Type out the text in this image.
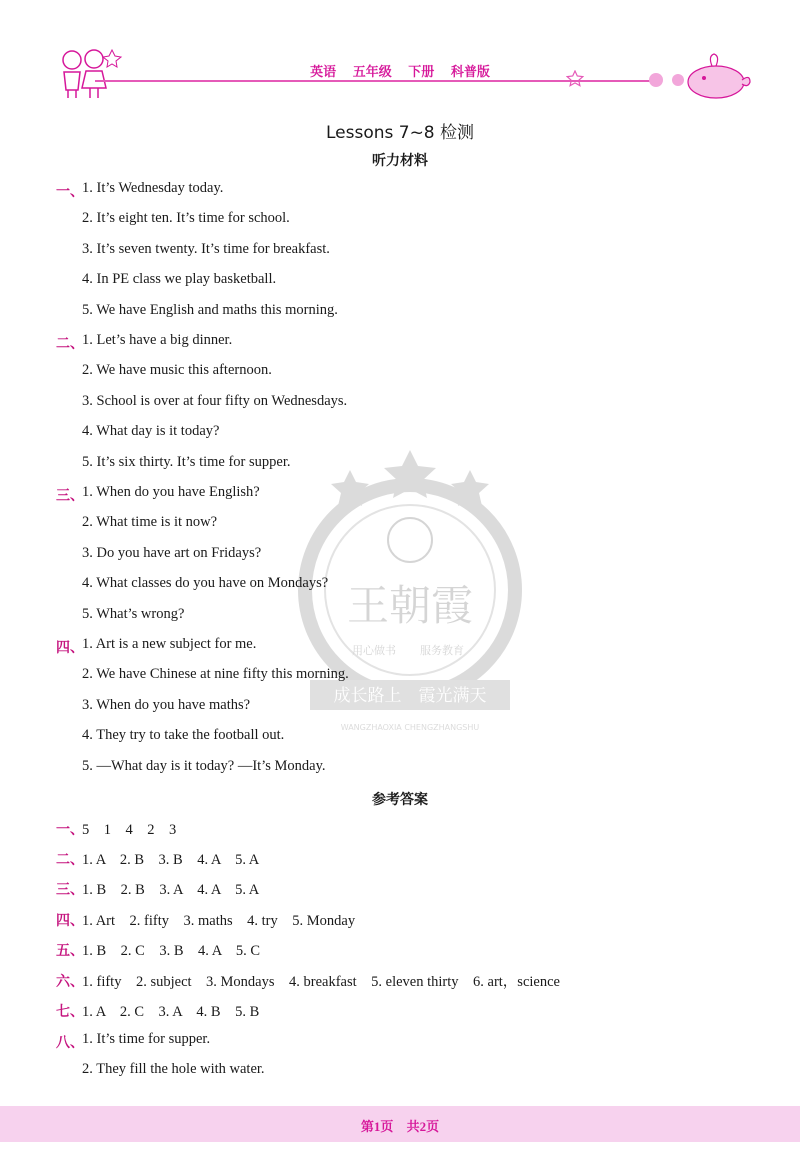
英语 五年级 下册 科普版
王朝霞
用心做书 服务教育
成长路上　霞光满天
WANGZHAOXIA CHENGZHANGSHU
Lessons 7~8 检测
听力材料
一、
1. It’s Wednesday today.
2. It’s eight ten. It’s time for school.
3. It’s seven twenty. It’s time for breakfast.
4. In PE class we play basketball.
5. We have English and maths this morning.
二、
1. Let’s have a big dinner.
2. We have music this afternoon.
3. School is over at four fifty on Wednesdays.
4. What day is it today?
5. It’s six thirty. It’s time for supper.
三、
1. When do you have English?
2. What time is it now?
3. Do you have art on Fridays?
4. What classes do you have on Mondays?
5. What’s wrong?
四、
1. Art is a new subject for me.
2. We have Chinese at nine fifty this morning.
3. When do you have maths?
4. They try to take the football out.
5. —What day is it today? —It’s Monday.
参考答案
一、
5　1　4　2　3
二、
1. A　2. B　3. B　4. A　5. A
三、
1. B　2. B　3. A　4. A　5. A
四、
1. Art　2. fifty　3. maths　4. try　5. Monday
五、
1. B　2. C　3. B　4. A　5. C
六、
1. fifty　2. subject　3. Mondays　4. breakfast　5. eleven thirty　6. art，science
七、
1. A　2. C　3. A　4. B　5. B
八、
1. It’s time for supper.
2. They fill the hole with water.
第1页 共2页
